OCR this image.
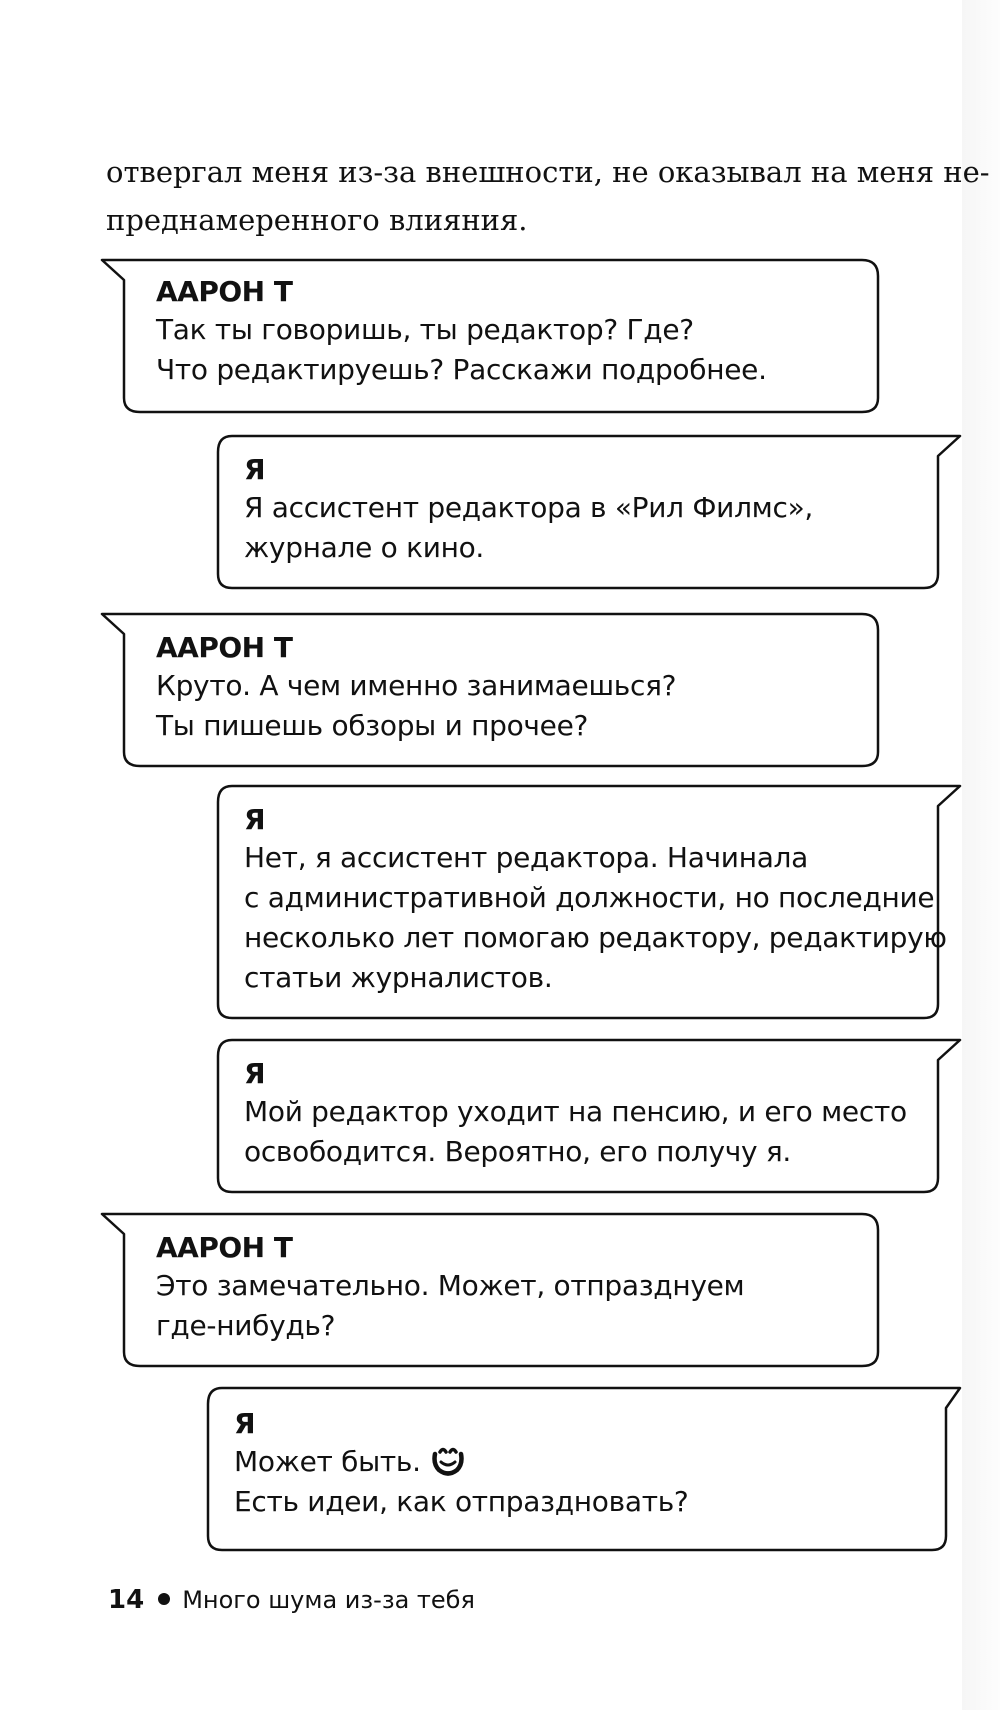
отвергал меня из-за внешности, не оказывал на меня не-
преднамеренного влияния.
ААРОН Т
Так ты говоришь, ты редактор? Где?
Что редактируешь? Расскажи подробнее.
Я
Я ассистент редактора в «Рил Филмс»,
журнале о кино.
ААРОН Т
Круто. А чем именно занимаешься?
Ты пишешь обзоры и прочее?
Я
Нет, я ассистент редактора. Начинала
с административной должности, но последние
несколько лет помогаю редактору, редактирую
статьи журналистов.
Я
Мой редактор уходит на пенсию, и его место
освободится. Вероятно, его получу я.
ААРОН Т
Это замечательно. Может, отпразднуем
где-нибудь?
Я
Может быть.
Есть идеи, как отпраздновать?
14 Много шума из-за тебя
